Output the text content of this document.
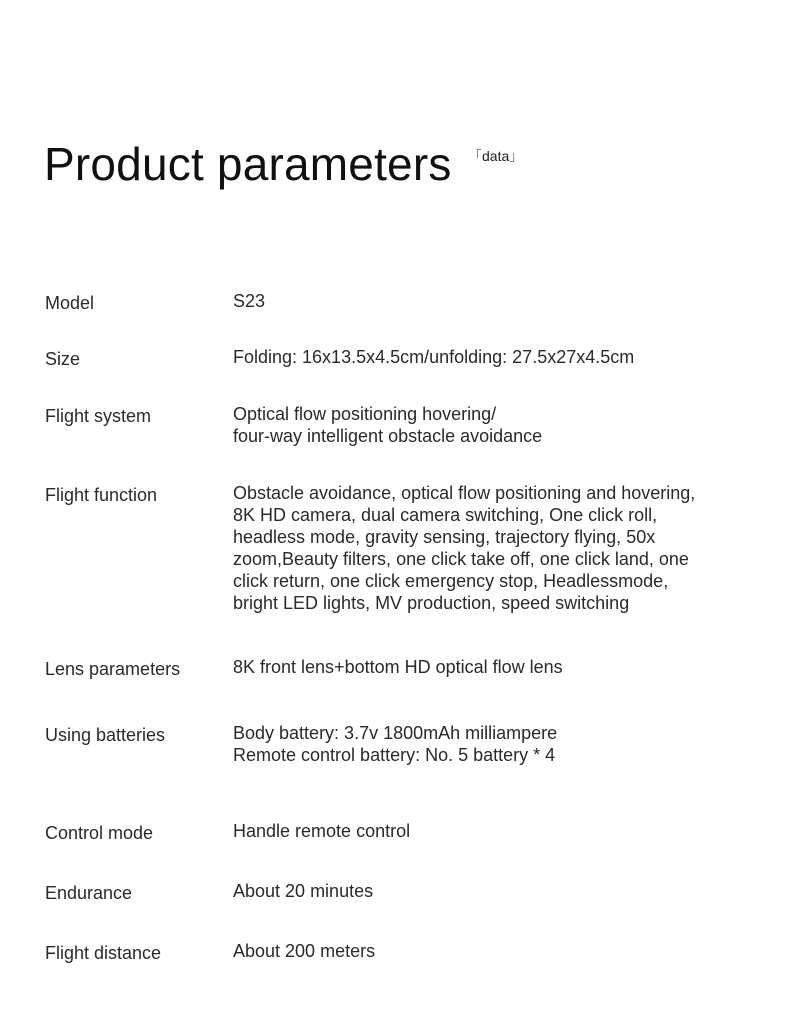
Product parameters 「data」
Model	S23
Size	Folding: 16x13.5x4.5cm/unfolding: 27.5x27x4.5cm
Flight system	Optical flow positioning hovering/
four-way intelligent obstacle avoidance
Flight function	Obstacle avoidance, optical flow positioning and hovering,
8K HD camera, dual camera switching, One click roll,
headless mode, gravity sensing, trajectory flying, 50x
zoom,Beauty filters, one click take off, one click land, one
click return, one click emergency stop, Headlessmode,
bright LED lights, MV production, speed switching
Lens parameters	8K front lens+bottom HD optical flow lens
Using batteries	Body battery: 3.7v 1800mAh milliampere
Remote control battery: No. 5 battery * 4
Control mode	Handle remote control
Endurance	About 20 minutes
Flight distance	About 200 meters
